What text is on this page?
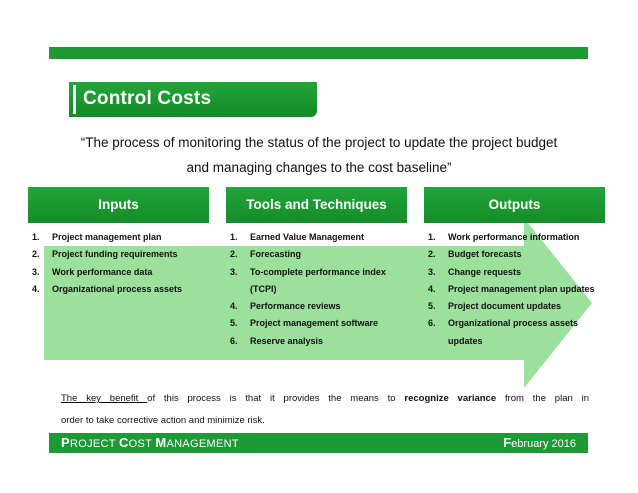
Control Costs
“The process of monitoring the status of the project to update the project budget
and managing changes to the cost baseline”
Inputs
1. Project management plan
2. Project funding requirements
3. Work performance data
4. Organizational process assets
Tools and Techniques
1. Earned Value Management
2. Forecasting
3. To-complete performance index (TCPI)
4. Performance reviews
5. Project management software
6. Reserve analysis
Outputs
1. Work performance information
2. Budget forecasts
3. Change requests
4. Project management plan updates
5. Project document updates
6. Organizational process assets updates
The key benefit of this process is that it provides the means to recognize variance from the plan in
order to take corrective action and minimize risk.
PROJECT COST MANAGEMENT	February 2016
